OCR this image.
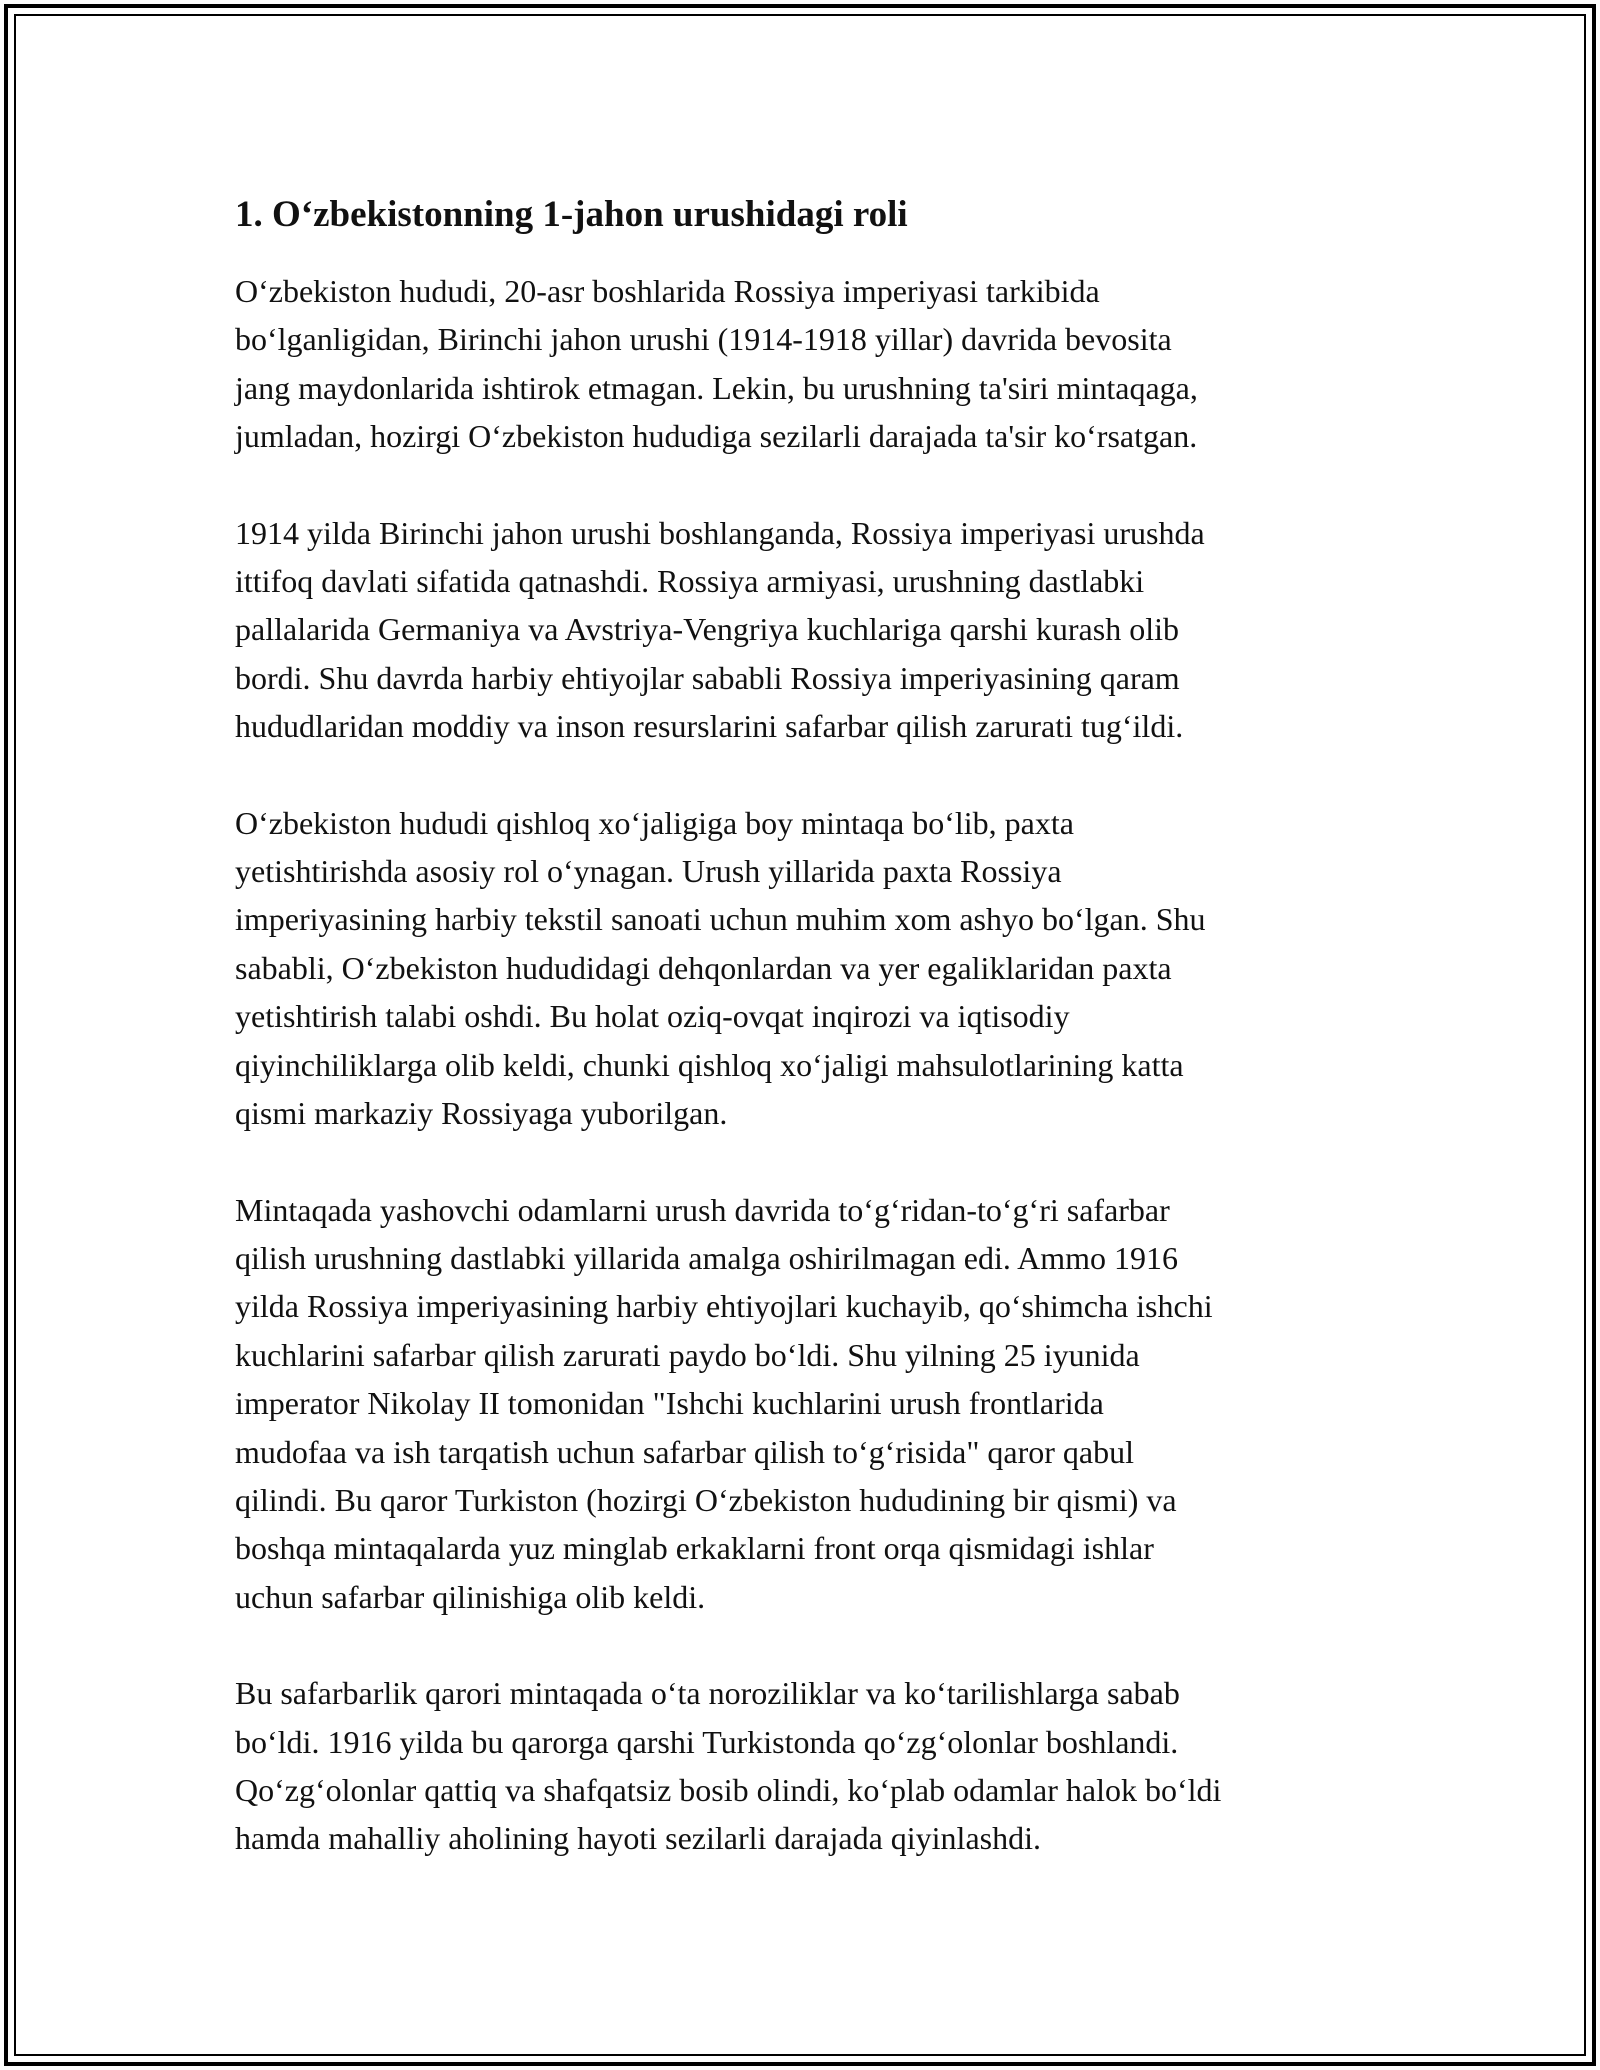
1. O‘zbekistonning 1-jahon urushidagi roli

O‘zbekiston hududi, 20-asr boshlarida Rossiya imperiyasi tarkibida
bo‘lganligidan, Birinchi jahon urushi (1914-1918 yillar) davrida bevosita
jang maydonlarida ishtirok etmagan. Lekin, bu urushning ta'siri mintaqaga,
jumladan, hozirgi O‘zbekiston hududiga sezilarli darajada ta'sir ko‘rsatgan.

1914 yilda Birinchi jahon urushi boshlanganda, Rossiya imperiyasi urushda
ittifoq davlati sifatida qatnashdi. Rossiya armiyasi, urushning dastlabki
pallalarida Germaniya va Avstriya-Vengriya kuchlariga qarshi kurash olib
bordi. Shu davrda harbiy ehtiyojlar sababli Rossiya imperiyasining qaram
hududlaridan moddiy va inson resurslarini safarbar qilish zarurati tug‘ildi.

O‘zbekiston hududi qishloq xo‘jaligiga boy mintaqa bo‘lib, paxta
yetishtirishda asosiy rol o‘ynagan. Urush yillarida paxta Rossiya
imperiyasining harbiy tekstil sanoati uchun muhim xom ashyo bo‘lgan. Shu
sababli, O‘zbekiston hududidagi dehqonlardan va yer egaliklaridan paxta
yetishtirish talabi oshdi. Bu holat oziq-ovqat inqirozi va iqtisodiy
qiyinchiliklarga olib keldi, chunki qishloq xo‘jaligi mahsulotlarining katta
qismi markaziy Rossiyaga yuborilgan.

Mintaqada yashovchi odamlarni urush davrida to‘g‘ridan-to‘g‘ri safarbar
qilish urushning dastlabki yillarida amalga oshirilmagan edi. Ammo 1916
yilda Rossiya imperiyasining harbiy ehtiyojlari kuchayib, qo‘shimcha ishchi
kuchlarini safarbar qilish zarurati paydo bo‘ldi. Shu yilning 25 iyunida
imperator Nikolay II tomonidan "Ishchi kuchlarini urush frontlarida
mudofaa va ish tarqatish uchun safarbar qilish to‘g‘risida" qaror qabul
qilindi. Bu qaror Turkiston (hozirgi O‘zbekiston hududining bir qismi) va
boshqa mintaqalarda yuz minglab erkaklarni front orqa qismidagi ishlar
uchun safarbar qilinishiga olib keldi.

Bu safarbarlik qarori mintaqada o‘ta noroziliklar va ko‘tarilishlarga sabab
bo‘ldi. 1916 yilda bu qarorga qarshi Turkistonda qo‘zg‘olonlar boshlandi.
Qo‘zg‘olonlar qattiq va shafqatsiz bosib olindi, ko‘plab odamlar halok bo‘ldi
hamda mahalliy aholining hayoti sezilarli darajada qiyinlashdi.
